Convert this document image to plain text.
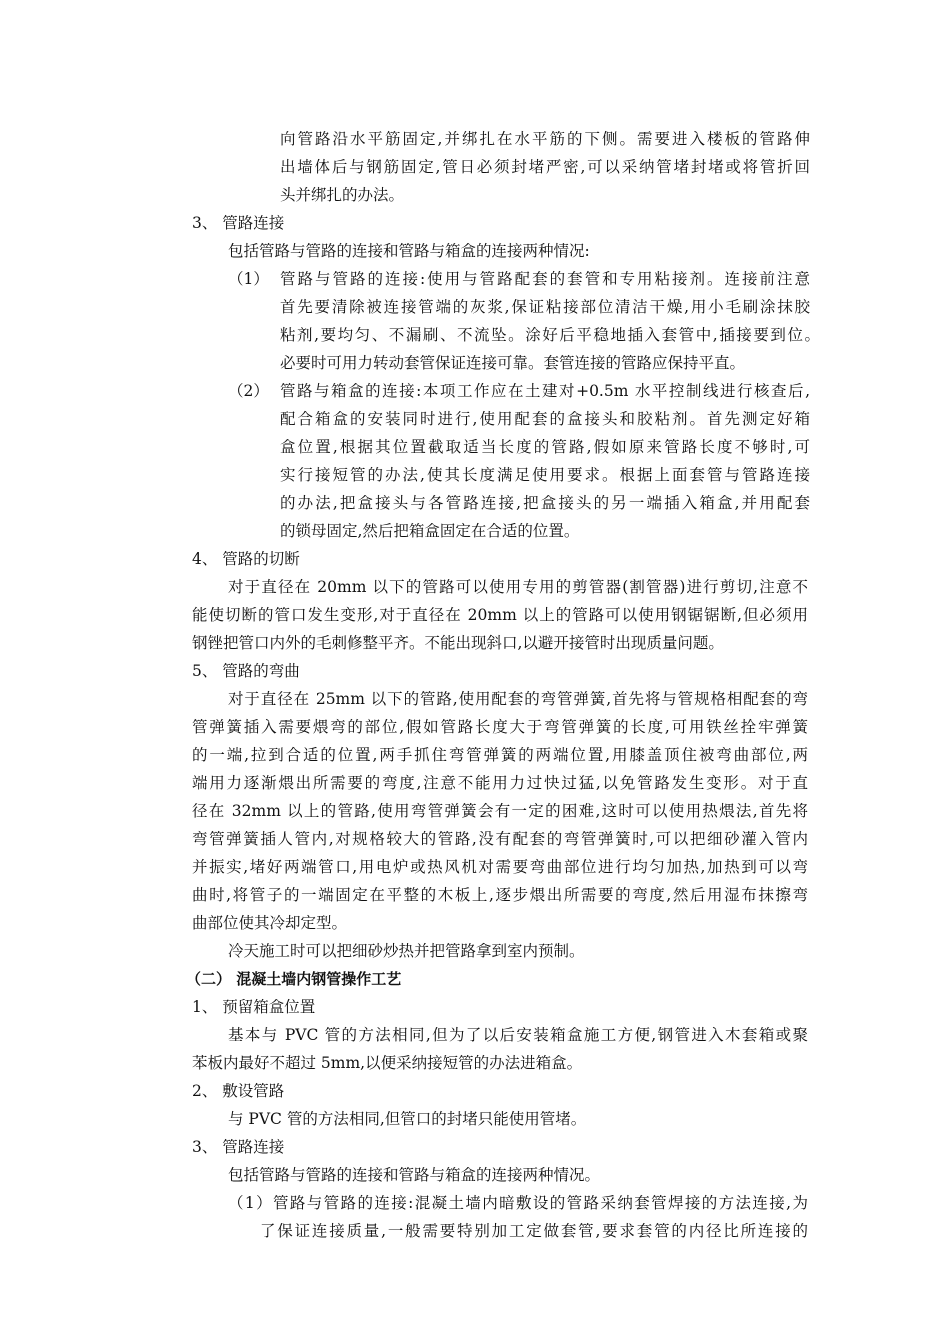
向管路沿水平筋固定,并绑扎在水平筋的下侧。需要进入楼板的管路伸
出墙体后与钢筋固定,管日必须封堵严密,可以采纳管堵封堵或将管折回
头并绑扎的办法。
3、 管路连接
包括管路与管路的连接和管路与箱盒的连接两种情况:
（1） 管路与管路的连接:使用与管路配套的套管和专用粘接剂。连接前注意
首先要清除被连接管端的灰浆,保证粘接部位清洁干燥,用小毛刷涂抹胶
粘剂,要均匀、不漏刷、不流坠。涂好后平稳地插入套管中,插接要到位。
必要时可用力转动套管保证连接可靠。套管连接的管路应保持平直。
（2） 管路与箱盒的连接:本项工作应在土建对+0.5m 水平控制线进行核查后,
配合箱盒的安装同时进行,使用配套的盒接头和胶粘剂。首先测定好箱
盒位置,根据其位置截取适当长度的管路,假如原来管路长度不够时,可
实行接短管的办法,使其长度满足使用要求。根据上面套管与管路连接
的办法,把盒接头与各管路连接,把盒接头的另一端插入箱盒,并用配套
的锁母固定,然后把箱盒固定在合适的位置。
4、 管路的切断
对于直径在 20mm 以下的管路可以使用专用的剪管器(割管器)进行剪切,注意不
能使切断的管口发生变形,对于直径在 20mm 以上的管路可以使用钢锯锯断,但必须用
钢锉把管口内外的毛刺修整平齐。不能出现斜口,以避开接管时出现质量问题。
5、 管路的弯曲
对于直径在 25mm 以下的管路,使用配套的弯管弹簧,首先将与管规格相配套的弯
管弹簧插入需要煨弯的部位,假如管路长度大于弯管弹簧的长度,可用铁丝拴牢弹簧
的一端,拉到合适的位置,两手抓住弯管弹簧的两端位置,用膝盖顶住被弯曲部位,两
端用力逐渐煨出所需要的弯度,注意不能用力过快过猛,以免管路发生变形。对于直
径在 32mm 以上的管路,使用弯管弹簧会有一定的困难,这时可以使用热煨法,首先将
弯管弹簧插人管内,对规格较大的管路,没有配套的弯管弹簧时,可以把细砂灌入管内
并振实,堵好两端管口,用电炉或热风机对需要弯曲部位进行均匀加热,加热到可以弯
曲时,将管子的一端固定在平整的木板上,逐步煨出所需要的弯度,然后用湿布抹擦弯
曲部位使其冷却定型。
冷天施工时可以把细砂炒热并把管路拿到室内预制。
（二） 混凝土墙内钢管操作工艺
1、 预留箱盒位置
基本与 PVC 管的方法相同,但为了以后安装箱盒施工方便,钢管进入木套箱或聚
苯板内最好不超过 5mm,以便采纳接短管的办法进箱盒。
2、 敷设管路
与 PVC 管的方法相同,但管口的封堵只能使用管堵。
3、 管路连接
包括管路与管路的连接和管路与箱盒的连接两种情况。
（1）管路与管路的连接:混凝土墙内暗敷设的管路采纳套管焊接的方法连接,为
了保证连接质量,一般需要特别加工定做套管,要求套管的内径比所连接的
